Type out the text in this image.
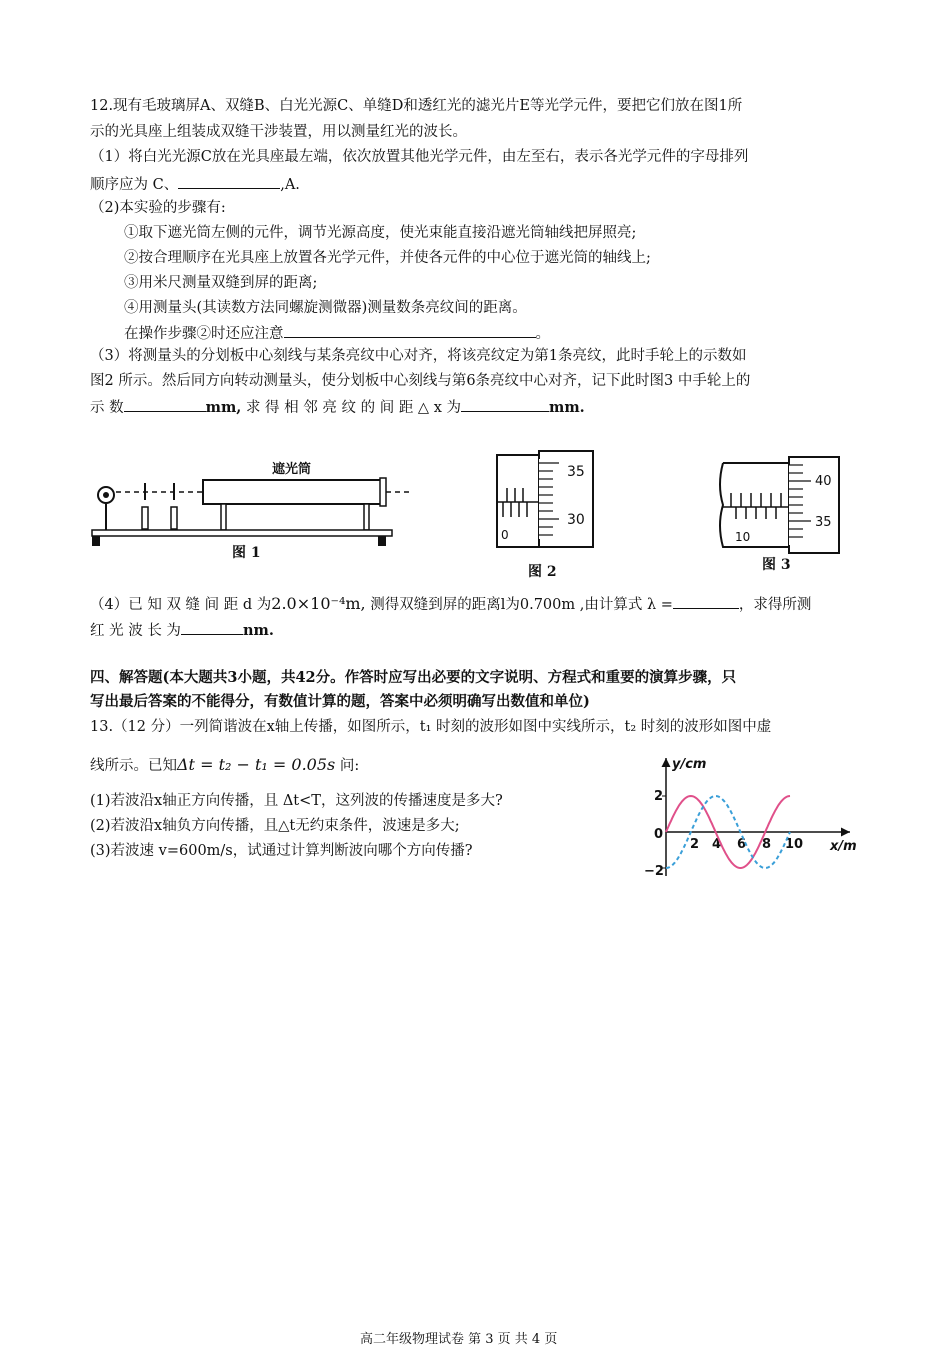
12.现有毛玻璃屏A、双缝B、白光光源C、单缝D和透红光的滤光片E等光学元件，要把它们放在图1所
示的光具座上组装成双缝干涉装置，用以测量红光的波长。
（1）将白光光源C放在光具座最左端，依次放置其他光学元件，由左至右，表示各光学元件的字母排列
顺序应为 C、	,A.
（2)本实验的步骤有:
①取下遮光筒左侧的元件，调节光源高度，使光束能直接沿遮光筒轴线把屏照亮;
②按合理顺序在光具座上放置各光学元件，并使各元件的中心位于遮光筒的轴线上;
③用米尺测量双缝到屏的距离;
④用测量头(其读数方法同螺旋测微器)测量数条亮纹间的距离。
在操作步骤②时还应注意	。
（3）将测量头的分划板中心刻线与某条亮纹中心对齐，将该亮纹定为第1条亮纹，此时手轮上的示数如
图2 所示。然后同方向转动测量头，使分划板中心刻线与第6条亮纹中心对齐，记下此时图3 中手轮上的
示 数	mm, 求 得 相 邻 亮 纹 的 间 距 △ x 为	mm.
遮光筒
图 1
35
30
0
图 2
40
35
10
图 3
（4）已 知 双 缝 间 距 d 为2.0×10⁻⁴m, 测得双缝到屏的距离l为0.700m ,由计算式 λ =	，求得所测
红 光 波 长 为	nm.
四、解答题(本大题共3小题，共42分。作答时应写出必要的文字说明、方程式和重要的演算步骤，只
写出最后答案的不能得分，有数值计算的题，答案中必须明确写出数值和单位)
13.（12 分）一列简谐波在x轴上传播，如图所示，t₁ 时刻的波形如图中实线所示，t₂ 时刻的波形如图中虚
线所示。已知Δt = t₂ − t₁ = 0.05s 问:
(1)若波沿x轴正方向传播，且 Δt<T，这列波的传播速度是多大?
(2)若波沿x轴负方向传播，且△t无约束条件，波速是多大;
(3)若波速 v=600m/s，试通过计算判断波向哪个方向传播?
y/cm
x/m
2
0
−2
2 4 6 8 10
高二年级物理试卷 第 3 页 共 4 页
